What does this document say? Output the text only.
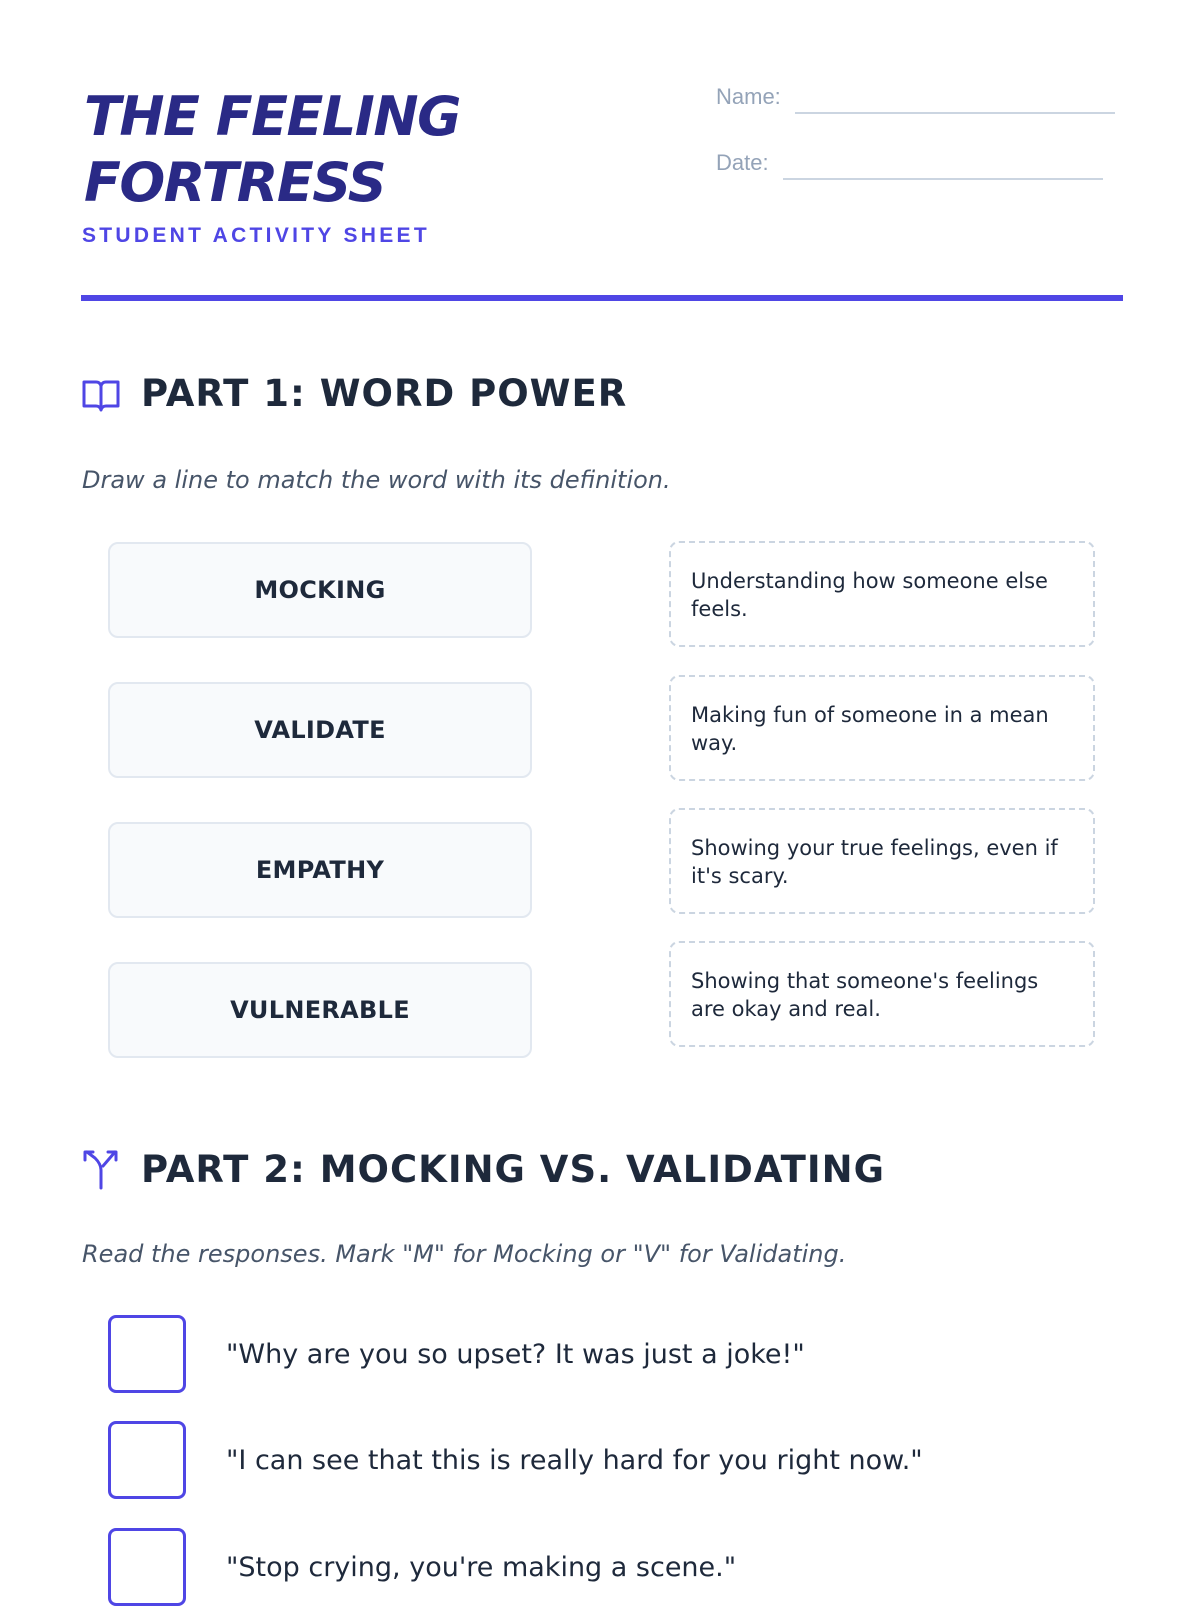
THE FEELING FORTRESS
STUDENT ACTIVITY SHEET
Name:
Date:
PART 1: WORD POWER
Draw a line to match the word with its definition.
MOCKING
VALIDATE
EMPATHY
VULNERABLE
Understanding how someone else feels.
Making fun of someone in a mean way.
Showing your true feelings, even if it's scary.
Showing that someone's feelings are okay and real.
PART 2: MOCKING VS. VALIDATING
Read the responses. Mark "M" for Mocking or "V" for Validating.
"Why are you so upset? It was just a joke!"
"I can see that this is really hard for you right now."
"Stop crying, you're making a scene."
